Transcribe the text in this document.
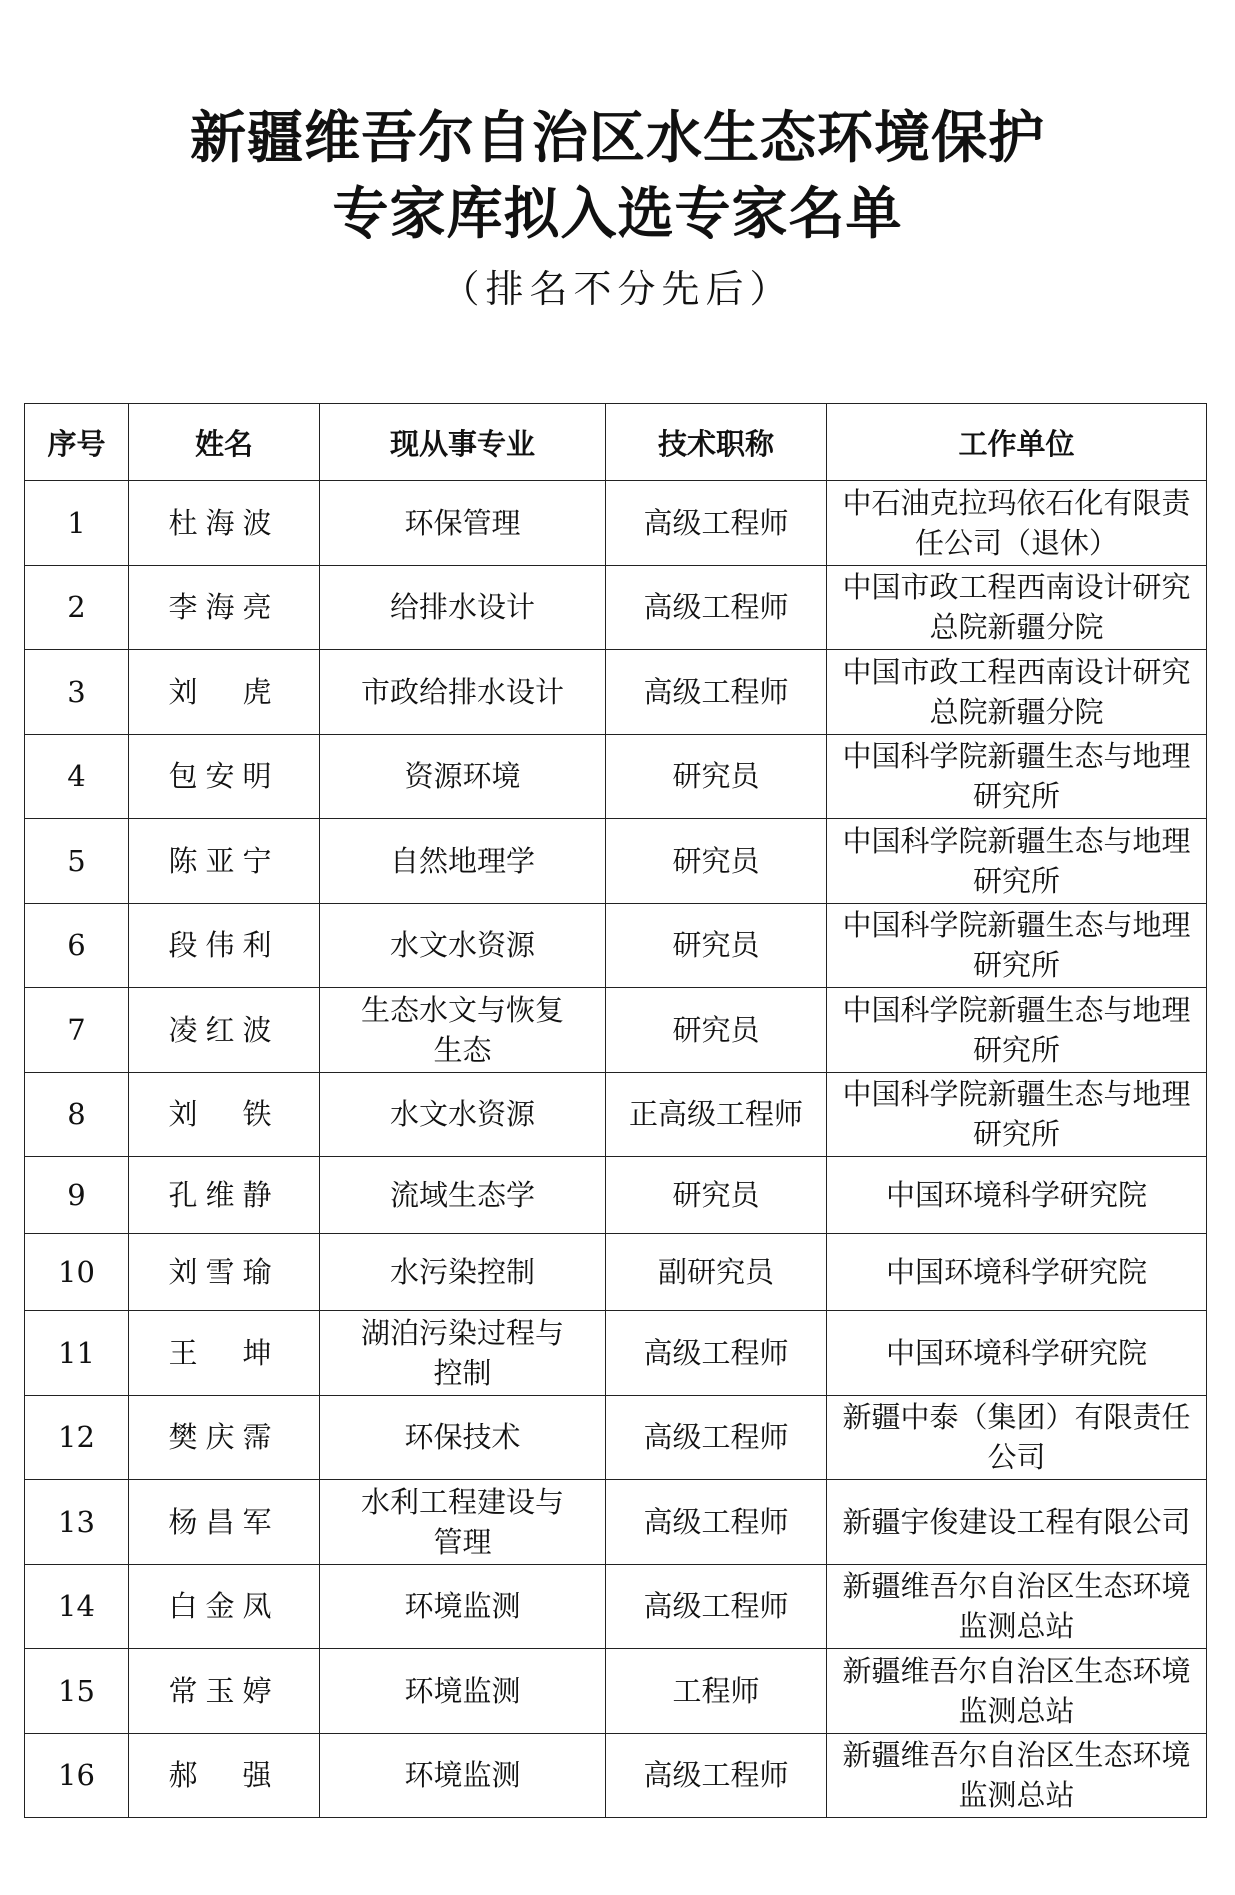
新疆维吾尔自治区水生态环境保护
专家库拟入选专家名单
（排名不分先后）
序号	姓名	现从事专业	技术职称	工作单位
1	杜海波	环保管理	高级工程师	中石油克拉玛依石化有限责任公司（退休）
2	李海亮	给排水设计	高级工程师	中国市政工程西南设计研究总院新疆分院
3	刘　虎	市政给排水设计	高级工程师	中国市政工程西南设计研究总院新疆分院
4	包安明	资源环境	研究员	中国科学院新疆生态与地理研究所
5	陈亚宁	自然地理学	研究员	中国科学院新疆生态与地理研究所
6	段伟利	水文水资源	研究员	中国科学院新疆生态与地理研究所
7	凌红波	生态水文与恢复生态	研究员	中国科学院新疆生态与地理研究所
8	刘　铁	水文水资源	正高级工程师	中国科学院新疆生态与地理研究所
9	孔维静	流域生态学	研究员	中国环境科学研究院
10	刘雪瑜	水污染控制	副研究员	中国环境科学研究院
11	王　坤	湖泊污染过程与控制	高级工程师	中国环境科学研究院
12	樊庆霈	环保技术	高级工程师	新疆中泰（集团）有限责任公司
13	杨昌军	水利工程建设与管理	高级工程师	新疆宇俊建设工程有限公司
14	白金凤	环境监测	高级工程师	新疆维吾尔自治区生态环境监测总站
15	常玉婷	环境监测	工程师	新疆维吾尔自治区生态环境监测总站
16	郝　强	环境监测	高级工程师	新疆维吾尔自治区生态环境监测总站
